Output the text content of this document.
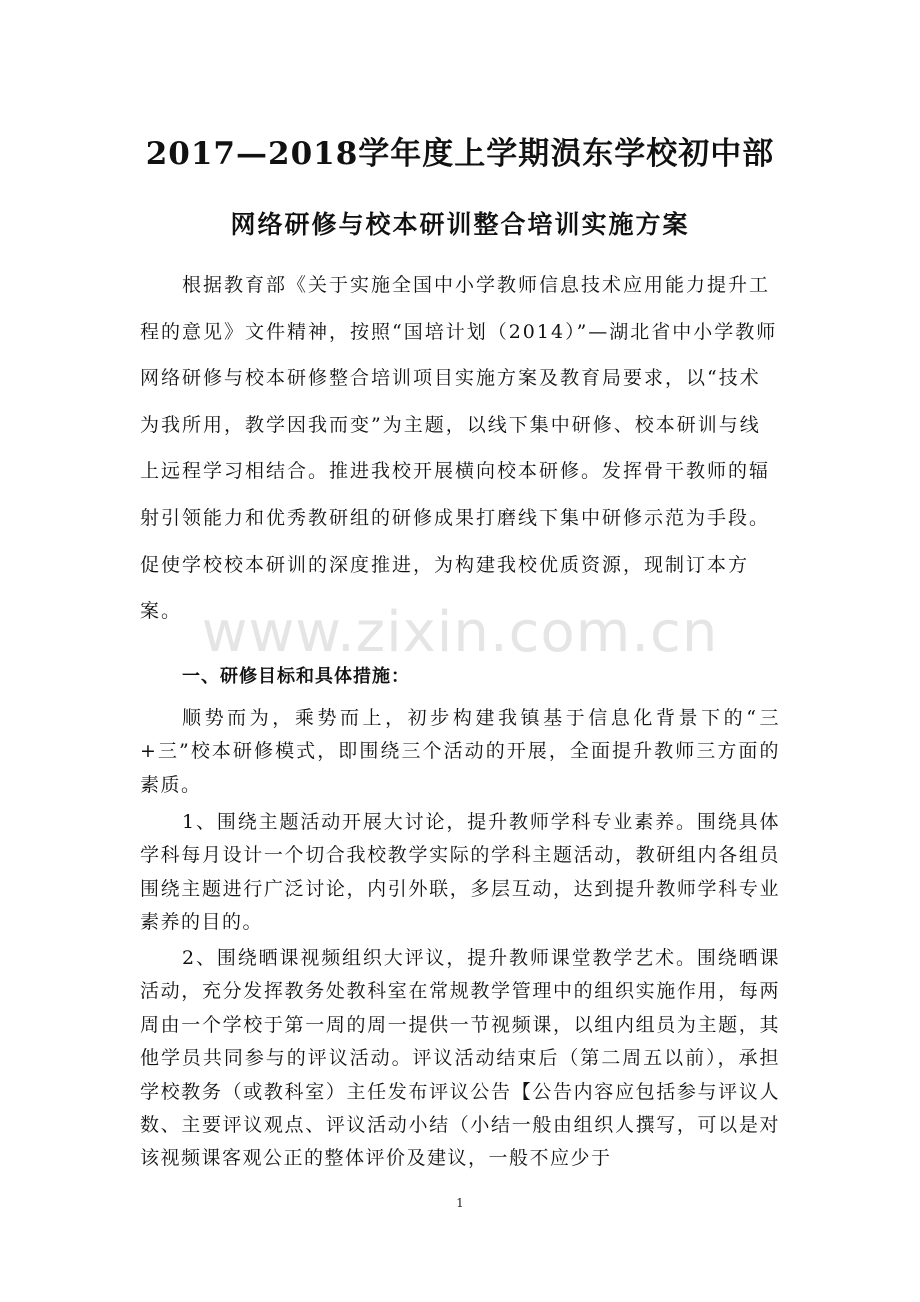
2017—2018学年度上学期涢东学校初中部
网络研修与校本研训整合培训实施方案

根据教育部《关于实施全国中小学教师信息技术应用能力提升工程的意见》文件精神，按照“国培计划（2014）”—湖北省中小学教师网络研修与校本研修整合培训项目实施方案及教育局要求，以“技术为我所用，教学因我而变”为主题，以线下集中研修、校本研训与线上远程学习相结合。推进我校开展横向校本研修。发挥骨干教师的辐射引领能力和优秀教研组的研修成果打磨线下集中研修示范为手段。促使学校校本研训的深度推进，为构建我校优质资源，现制订本方案。 www.zixin.com.cn
一、研修目标和具体措施：

顺势而为，乘势而上，初步构建我镇基于信息化背景下的“三+三”校本研修模式，即围绕三个活动的开展，全面提升教师三方面的素质。

1、围绕主题活动开展大讨论，提升教师学科专业素养。围绕具体学科每月设计一个切合我校教学实际的学科主题活动，教研组内各组员围绕主题进行广泛讨论，内引外联，多层互动，达到提升教师学科专业素养的目的。

2、围绕晒课视频组织大评议，提升教师课堂教学艺术。围绕晒课活动，充分发挥教务处教科室在常规教学管理中的组织实施作用，每两周由一个学校于第一周的周一提供一节视频课，以组内组员为主题，其他学员共同参与的评议活动。评议活动结束后（第二周五以前），承担学校教务（或教科室）主任发布评议公告【公告内容应包括参与评议人数、主要评议观点、评议活动小结（小结一般由组织人撰写，可以是对该视频课客观公正的整体评价及建议，一般不应少于

1
